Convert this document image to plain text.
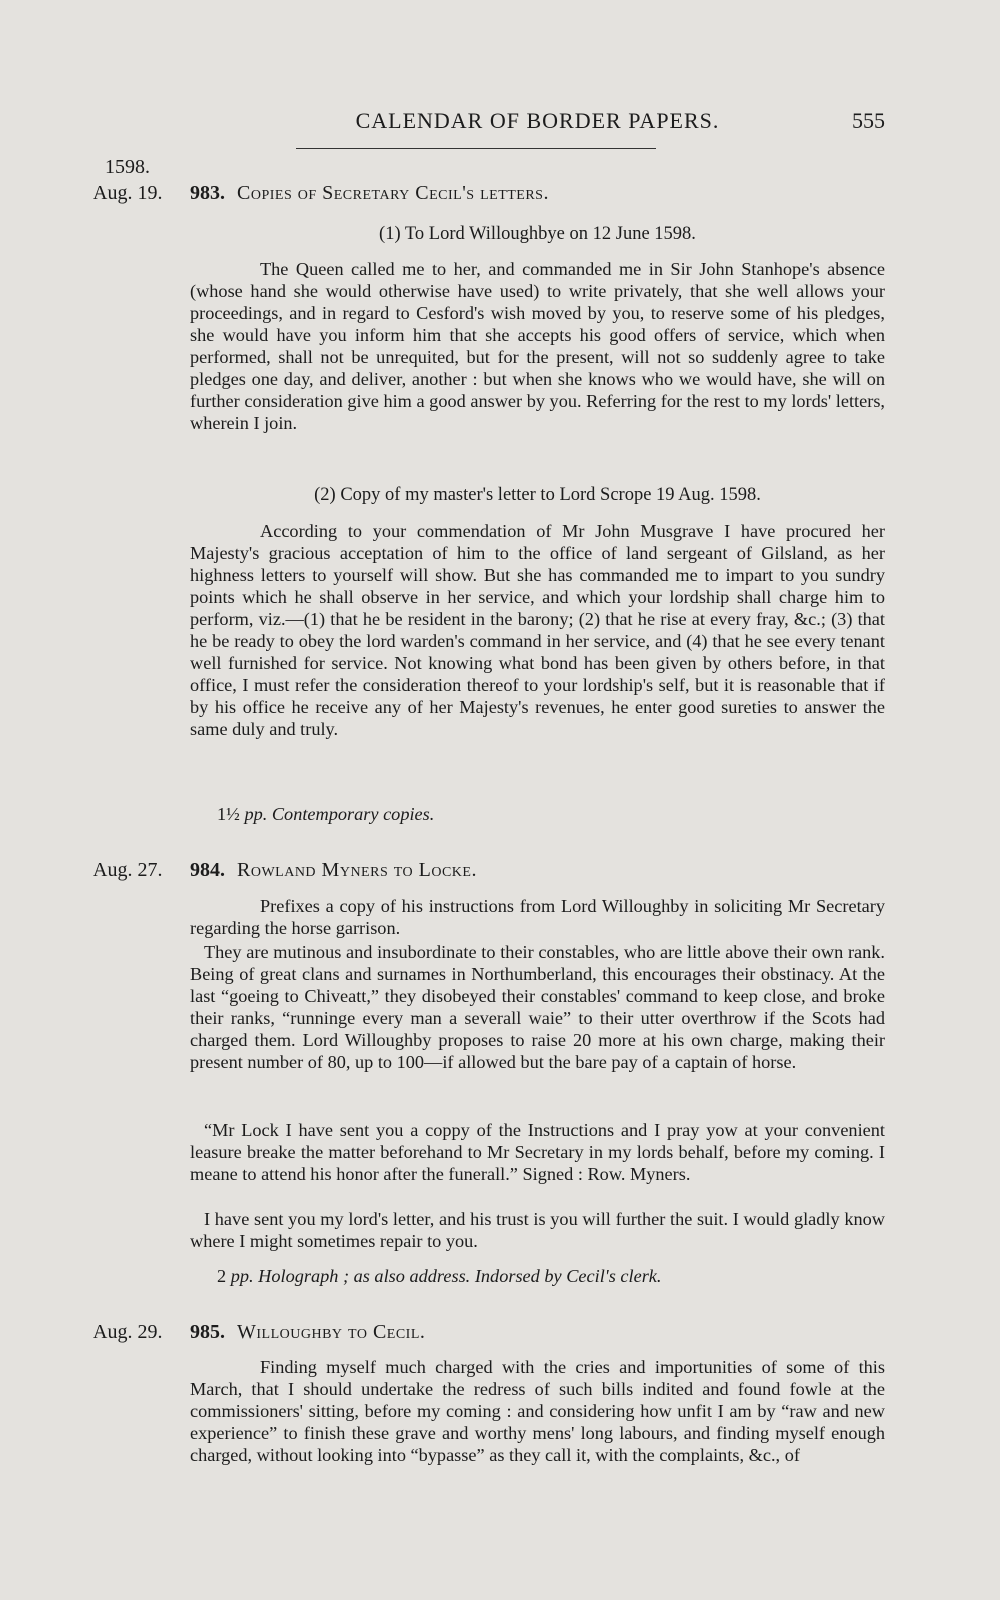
CALENDAR OF BORDER PAPERS.	555
1598.
Aug. 19. 983. Copies of Secretary Cecil's letters.
(1) To Lord Willoughbye on 12 June 1598.

The Queen called me to her, and commanded me in Sir John Stanhope's absence (whose hand she would otherwise have used) to write privately, that she well allows your proceedings, and in regard to Cesford's wish moved by you, to reserve some of his pledges, she would have you inform him that she accepts his good offers of service, which when performed, shall not be unrequited, but for the present, will not so suddenly agree to take pledges one day, and deliver, another : but when she knows who we would have, she will on further consideration give him a good answer by you. Referring for the rest to my lords' letters, wherein I join.

(2) Copy of my master's letter to Lord Scrope 19 Aug. 1598.

According to your commendation of Mr John Musgrave I have procured her Majesty's gracious acceptation of him to the office of land sergeant of Gilsland, as her highness letters to yourself will show. But she has commanded me to impart to you sundry points which he shall observe in her service, and which your lordship shall charge him to perform, viz.—(1) that he be resident in the barony; (2) that he rise at every fray, &c.; (3) that he be ready to obey the lord warden's command in her service, and (4) that he see every tenant well furnished for service. Not knowing what bond has been given by others before, in that office, I must refer the consideration thereof to your lordship's self, but it is reasonable that if by his office he receive any of her Majesty's revenues, he enter good sureties to answer the same duly and truly.

1½ pp. Contemporary copies.

Aug. 27. 984. Rowland Myners to Locke.

Prefixes a copy of his instructions from Lord Willoughby in soliciting Mr Secretary regarding the horse garrison.

They are mutinous and insubordinate to their constables, who are little above their own rank. Being of great clans and surnames in Northumberland, this encourages their obstinacy. At the last “goeing to Chiveatt,” they disobeyed their constables' command to keep close, and broke their ranks, “runninge every man a severall waie” to their utter overthrow if the Scots had charged them. Lord Willoughby proposes to raise 20 more at his own charge, making their present number of 80, up to 100—if allowed but the bare pay of a captain of horse.

“Mr Lock I have sent you a coppy of the Instructions and I pray yow at your convenient leasure breake the matter beforehand to Mr Secretary in my lords behalf, before my coming. I meane to attend his honor after the funerall.” Signed : Row. Myners.

I have sent you my lord's letter, and his trust is you will further the suit. I would gladly know where I might sometimes repair to you.

2 pp. Holograph ; as also address. Indorsed by Cecil's clerk.

Aug. 29. 985. Willoughby to Cecil.

Finding myself much charged with the cries and importunities of some of this March, that I should undertake the redress of such bills indited and found fowle at the commissioners' sitting, before my coming : and considering how unfit I am by “raw and new experience” to finish these grave and worthy mens' long labours, and finding myself enough charged, without looking into “bypasse” as they call it, with the complaints, &c., of
